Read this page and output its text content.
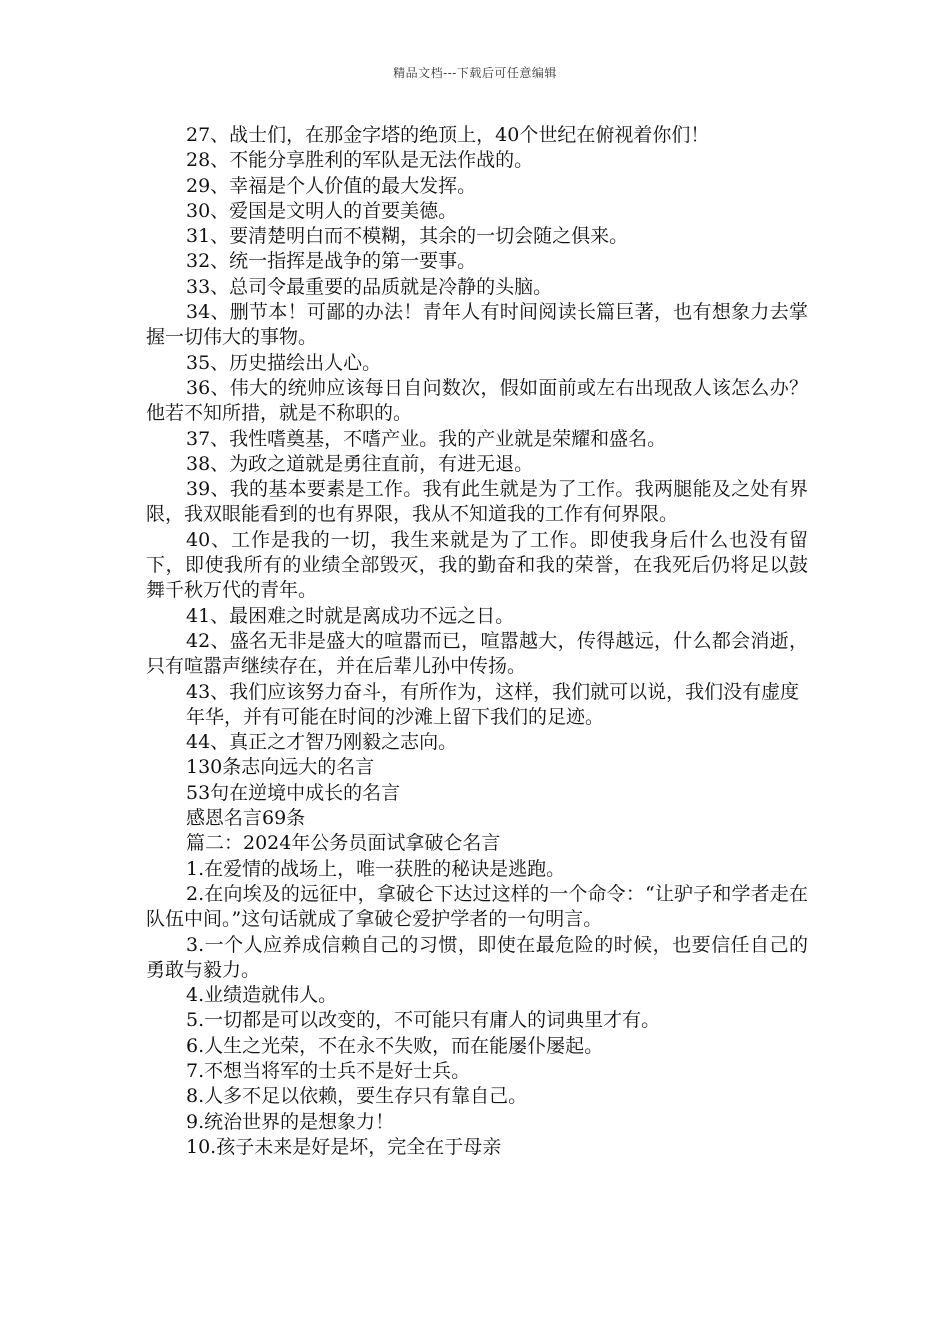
精品文档---下载后可任意编辑

27、战士们，在那金字塔的绝顶上，40个世纪在俯视着你们！

28、不能分享胜利的军队是无法作战的。

29、幸福是个人价值的最大发挥。

30、爱国是文明人的首要美德。

31、要清楚明白而不模糊，其余的一切会随之俱来。

32、统一指挥是战争的第一要事。

33、总司令最重要的品质就是冷静的头脑。

34、删节本！可鄙的办法！青年人有时间阅读长篇巨著，也有想象力去掌握一切伟大的事物。

35、历史描绘出人心。

36、伟大的统帅应该每日自问数次，假如面前或左右出现敌人该怎么办？他若不知所措，就是不称职的。

37、我性嗜奠基，不嗜产业。我的产业就是荣耀和盛名。

38、为政之道就是勇往直前，有进无退。

39、我的基本要素是工作。我有此生就是为了工作。我两腿能及之处有界限，我双眼能看到的也有界限，我从不知道我的工作有何界限。

40、工作是我的一切，我生来就是为了工作。即使我身后什么也没有留下，即使我所有的业绩全部毁灭，我的勤奋和我的荣誉，在我死后仍将足以鼓舞千秋万代的青年。

41、最困难之时就是离成功不远之日。

42、盛名无非是盛大的喧嚣而已，喧嚣越大，传得越远，什么都会消逝，只有喧嚣声继续存在，并在后辈儿孙中传扬。

43、我们应该努力奋斗，有所作为，这样，我们就可以说，我们没有虚度

年华，并有可能在时间的沙滩上留下我们的足迹。

44、真正之才智乃刚毅之志向。

130条志向远大的名言

53句在逆境中成长的名言

感恩名言69条

篇二：2024年公务员面试拿破仑名言

1.在爱情的战场上，唯一获胜的秘诀是逃跑。

2.在向埃及的远征中，拿破仑下达过这样的一个命令：“让驴子和学者走在队伍中间。”这句话就成了拿破仑爱护学者的一句明言。

3.一个人应养成信赖自己的习惯，即使在最危险的时候，也要信任自己的勇敢与毅力。

4.业绩造就伟人。

5.一切都是可以改变的，不可能只有庸人的词典里才有。

6.人生之光荣，不在永不失败，而在能屡仆屡起。

7.不想当将军的士兵不是好士兵。

8.人多不足以依赖，要生存只有靠自己。

9.统治世界的是想象力！

10.孩子未来是好是坏，完全在于母亲
